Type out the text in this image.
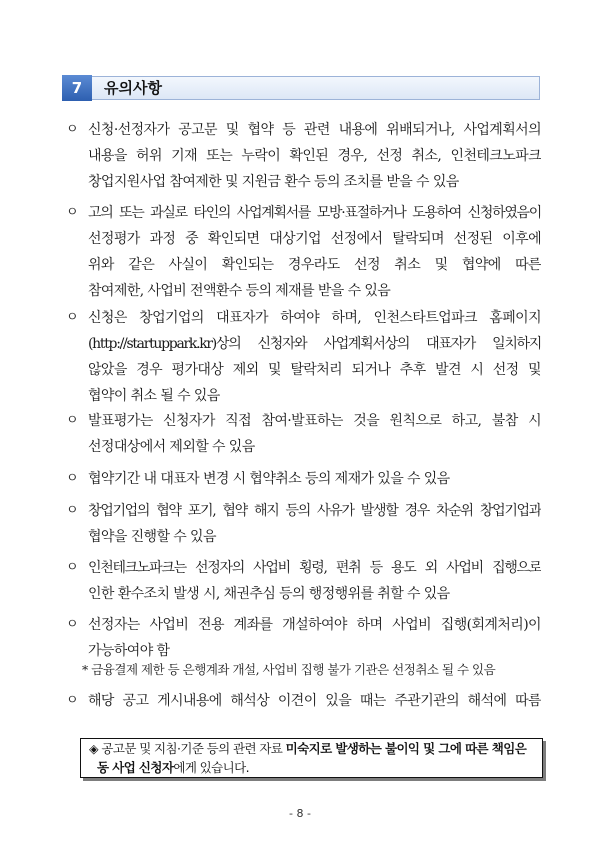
7	유의사항
ㅇ 신청·선정자가 공고문 및 협약 등 관련 내용에 위배되거나, 사업계획서의
내용을 허위 기재 또는 누락이 확인된 경우, 선정 취소, 인천테크노파크
창업지원사업 참여제한 및 지원금 환수 등의 조치를 받을 수 있음
ㅇ 고의 또는 과실로 타인의 사업계획서를 모방·표절하거나 도용하여 신청하였음이
선정평가 과정 중 확인되면 대상기업 선정에서 탈락되며 선정된 이후에
위와 같은 사실이 확인되는 경우라도 선정 취소 및 협약에 따른
참여제한, 사업비 전액환수 등의 제재를 받을 수 있음
ㅇ 신청은 창업기업의 대표자가 하여야 하며, 인천스타트업파크 홈페이지
(http://startuppark.kr)상의 신청자와 사업계획서상의 대표자가 일치하지
않았을 경우 평가대상 제외 및 탈락처리 되거나 추후 발견 시 선정 및
협약이 취소 될 수 있음
ㅇ 발표평가는 신청자가 직접 참여·발표하는 것을 원칙으로 하고, 불참 시
선정대상에서 제외할 수 있음
ㅇ 협약기간 내 대표자 변경 시 협약취소 등의 제재가 있을 수 있음
ㅇ 창업기업의 협약 포기, 협약 해지 등의 사유가 발생할 경우 차순위 창업기업과
협약을 진행할 수 있음
ㅇ 인천테크노파크는 선정자의 사업비 횡령, 편취 등 용도 외 사업비 집행으로
인한 환수조치 발생 시, 채권추심 등의 행정행위를 취할 수 있음
ㅇ 선정자는 사업비 전용 계좌를 개설하여야 하며 사업비 집행(회계처리)이
가능하여야 함
* 금융결제 제한 등 은행계좌 개설, 사업비 집행 불가 기관은 선정취소 될 수 있음
ㅇ 해당 공고 게시내용에 해석상 이견이 있을 때는 주관기관의 해석에 따름
◈ 공고문 및 지침·기준 등의 관련 자료 미숙지로 발생하는 불이익 및 그에 따른 책임은
동 사업 신청자에게 있습니다.
- 8 -
